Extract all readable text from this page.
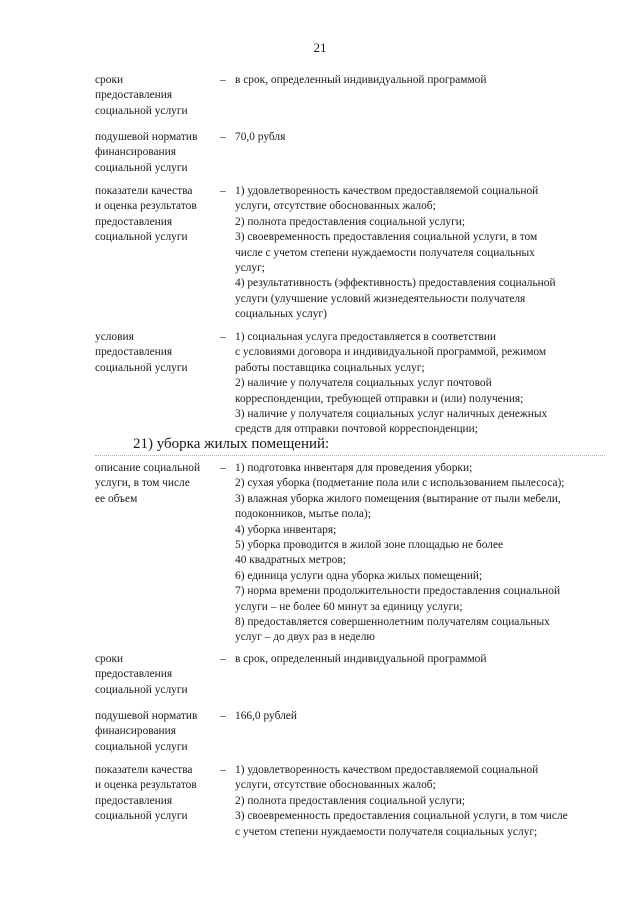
21
сроки
предоставления
социальной услуги
– в срок, определенный индивидуальной программой
подушевой норматив
финансирования
социальной услуги
– 70,0 рубля
показатели качества
и оценка результатов
предоставления
социальной услуги
– 1) удовлетворенность качеством предоставляемой социальной
услуги, отсутствие обоснованных жалоб;
2) полнота предоставления социальной услуги;
3) своевременность предоставления социальной услуги, в том
числе с учетом степени нуждаемости получателя социальных
услуг;
4) результативность (эффективность) предоставления социальной
услуги (улучшение условий жизнедеятельности получателя
социальных услуг)
условия
предоставления
социальной услуги
– 1) социальная услуга предоставляется в соответствии
с условиями договора и индивидуальной программой, режимом
работы поставщика социальных услуг;
2) наличие у получателя социальных услуг почтовой
корреспонденции, требующей отправки и (или) получения;
3) наличие у получателя социальных услуг наличных денежных
средств для отправки почтовой корреспонденции;
21) уборка жилых помещений:
описание социальной
услуги, в том числе
ее объем
– 1) подготовка инвентаря для проведения уборки;
2) сухая уборка (подметание пола или с использованием пылесоса);
3) влажная уборка жилого помещения (вытирание от пыли мебели,
подоконников, мытье пола);
4) уборка инвентаря;
5) уборка проводится в жилой зоне площадью не более
40 квадратных метров;
6) единица услуги одна уборка жилых помещений;
7) норма времени продолжительности предоставления социальной
услуги – не более 60 минут за единицу услуги;
8) предоставляется совершеннолетним получателям социальных
услуг – до двух раз в неделю
сроки
предоставления
социальной услуги
– в срок, определенный индивидуальной программой
подушевой норматив
финансирования
социальной услуги
– 166,0 рублей
показатели качества
и оценка результатов
предоставления
социальной услуги
– 1) удовлетворенность качеством предоставляемой социальной
услуги, отсутствие обоснованных жалоб;
2) полнота предоставления социальной услуги;
3) своевременность предоставления социальной услуги, в том числе
с учетом степени нуждаемости получателя социальных услуг;
